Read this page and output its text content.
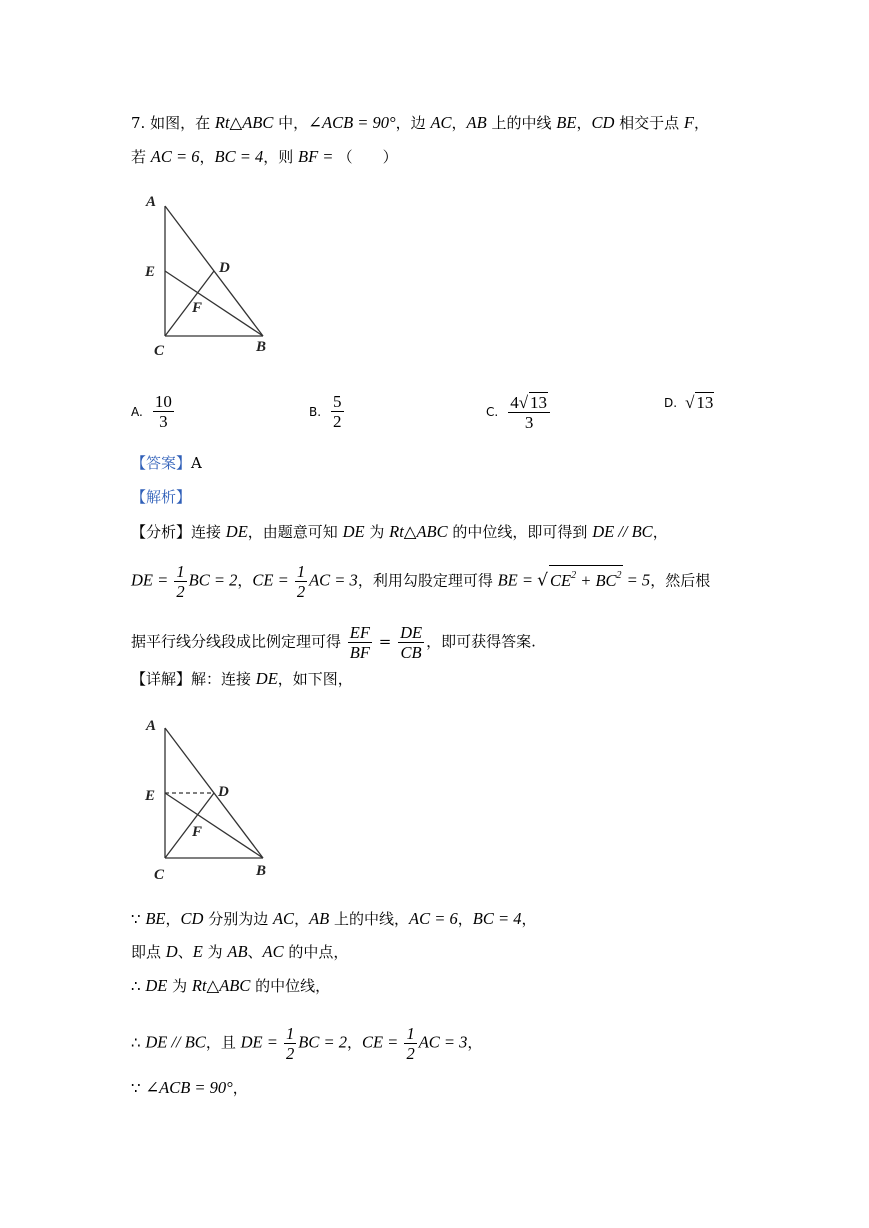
7. 如图，在 Rt△ABC 中，∠ACB = 90°，边 AC，AB 上的中线 BE，CD 相交于点 F，
若 AC = 6，BC = 4，则 BF = （　　）
A
E	D
F
C	B
A. $\frac{10}{3}$	B. $\frac{5}{2}$	C. $\frac{4√ 13}{3}$	D. √ 13
【答案】A
【解析】
【分析】连接 DE，由题意可知 DE 为 Rt△ABC 的中位线，即可得到 DE // BC，
DE = $\frac{1}{2}$ BC = 2，CE = $\frac{1}{2}$ AC = 3，利用勾股定理可得 BE = √ $CE^2 + BC^2 = 5$，然后根
据平行线分线段成比例定理可得 $\frac{EF}{BF} = \frac{DE}{CB}$ ，即可获得答案.
【详解】解：连接 DE，如下图，
A
E	D
F
C	B
∵ BE，CD 分别为边 AC，AB 上的中线，AC = 6，BC = 4，
即点 D、E 为 AB、AC 的中点，
∴ DE 为 Rt△ABC 的中位线，
∴ DE // BC，且 DE = $\frac{1}{2}$ BC = 2，CE = $\frac{1}{2}$ AC = 3，
∵ ∠ACB = 90°，
